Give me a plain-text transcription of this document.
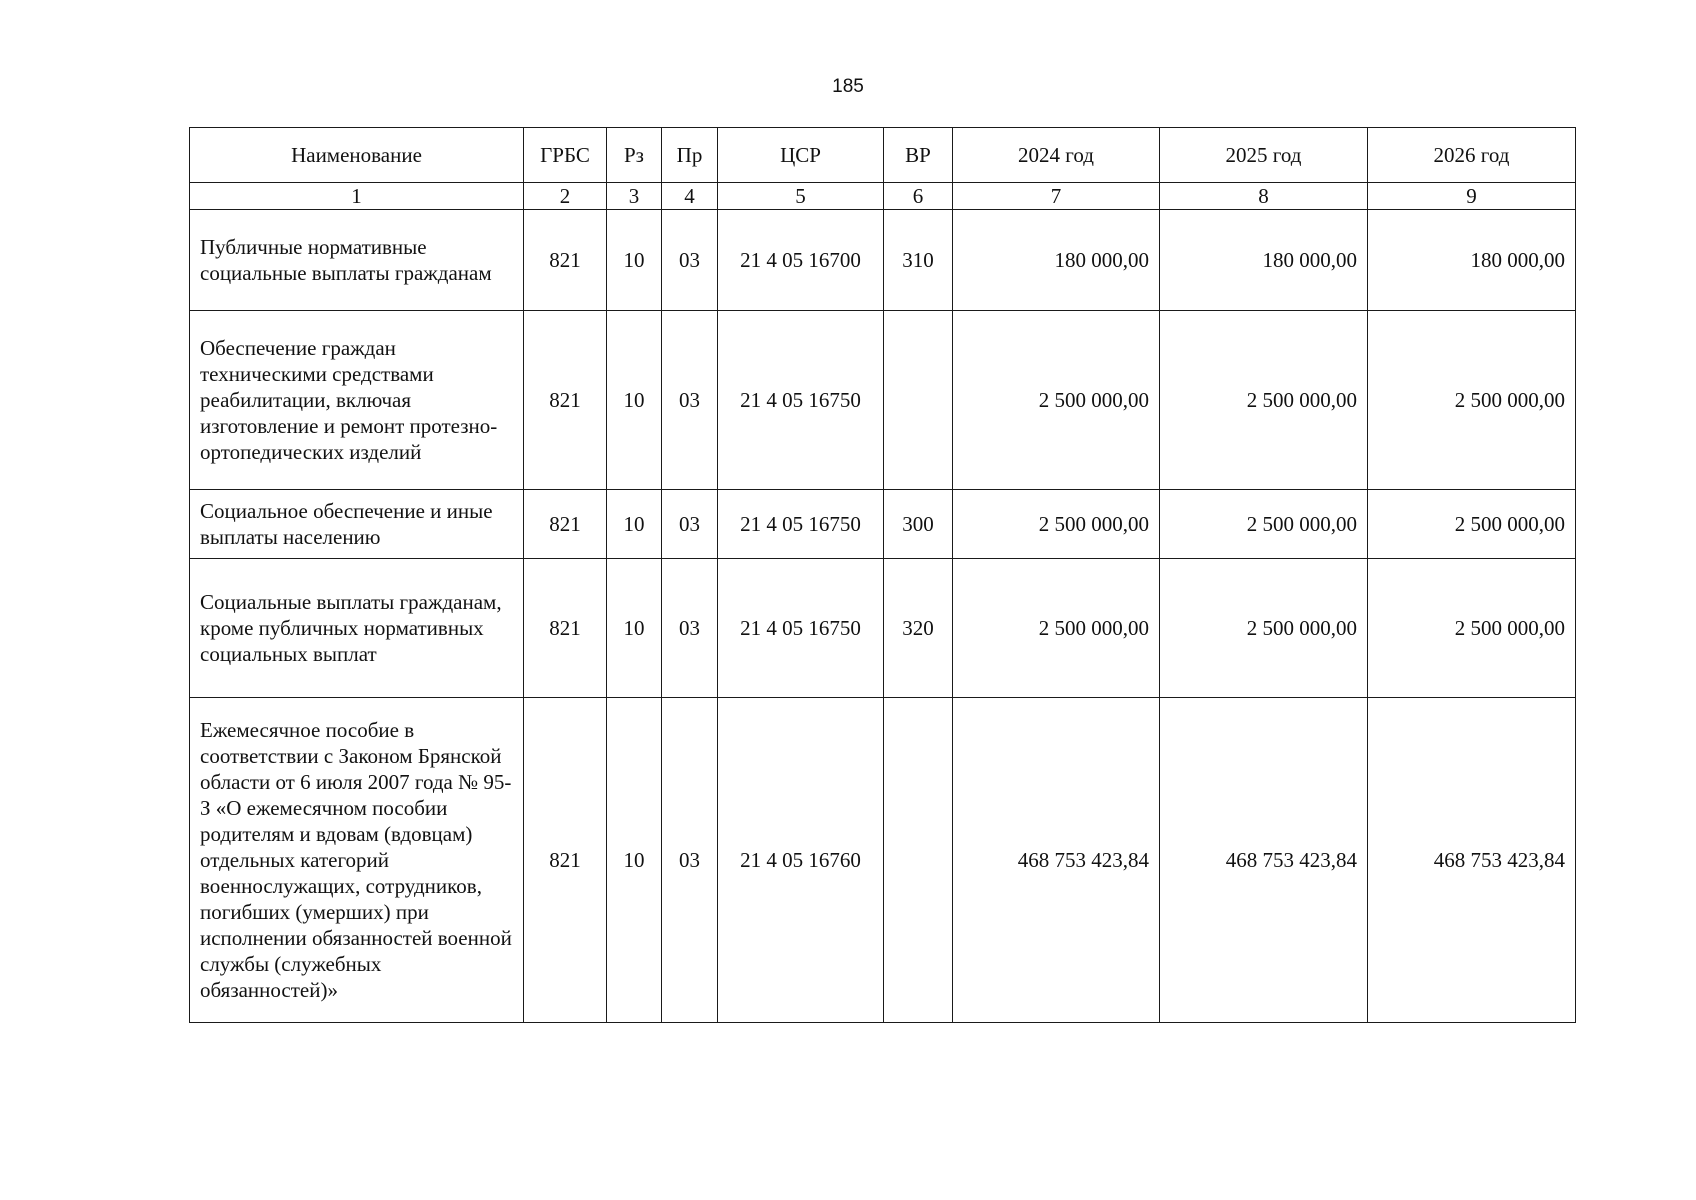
185
Наименование	ГРБС	Рз	Пр	ЦСР	ВР	2024 год	2025 год	2026 год
1	2	3	4	5	6	7	8	9
Публичные нормативные социальные выплаты гражданам	821	10	03	21 4 05 16700	310	180 000,00	180 000,00	180 000,00
Обеспечение граждан техническими средствами реабилитации, включая изготовление и ремонт протезно-ортопедических изделий	821	10	03	21 4 05 16750		2 500 000,00	2 500 000,00	2 500 000,00
Социальное обеспечение и иные выплаты населению	821	10	03	21 4 05 16750	300	2 500 000,00	2 500 000,00	2 500 000,00
Социальные выплаты гражданам, кроме публичных нормативных социальных выплат	821	10	03	21 4 05 16750	320	2 500 000,00	2 500 000,00	2 500 000,00
Ежемесячное пособие в соответствии с Законом Брянской области от 6 июля 2007 года № 95-З «О ежемесячном пособии родителям и вдовам (вдовцам) отдельных категорий военнослужащих, сотрудников, погибших (умерших) при исполнении обязанностей военной службы (служебных обязанностей)»	821	10	03	21 4 05 16760		468 753 423,84	468 753 423,84	468 753 423,84
